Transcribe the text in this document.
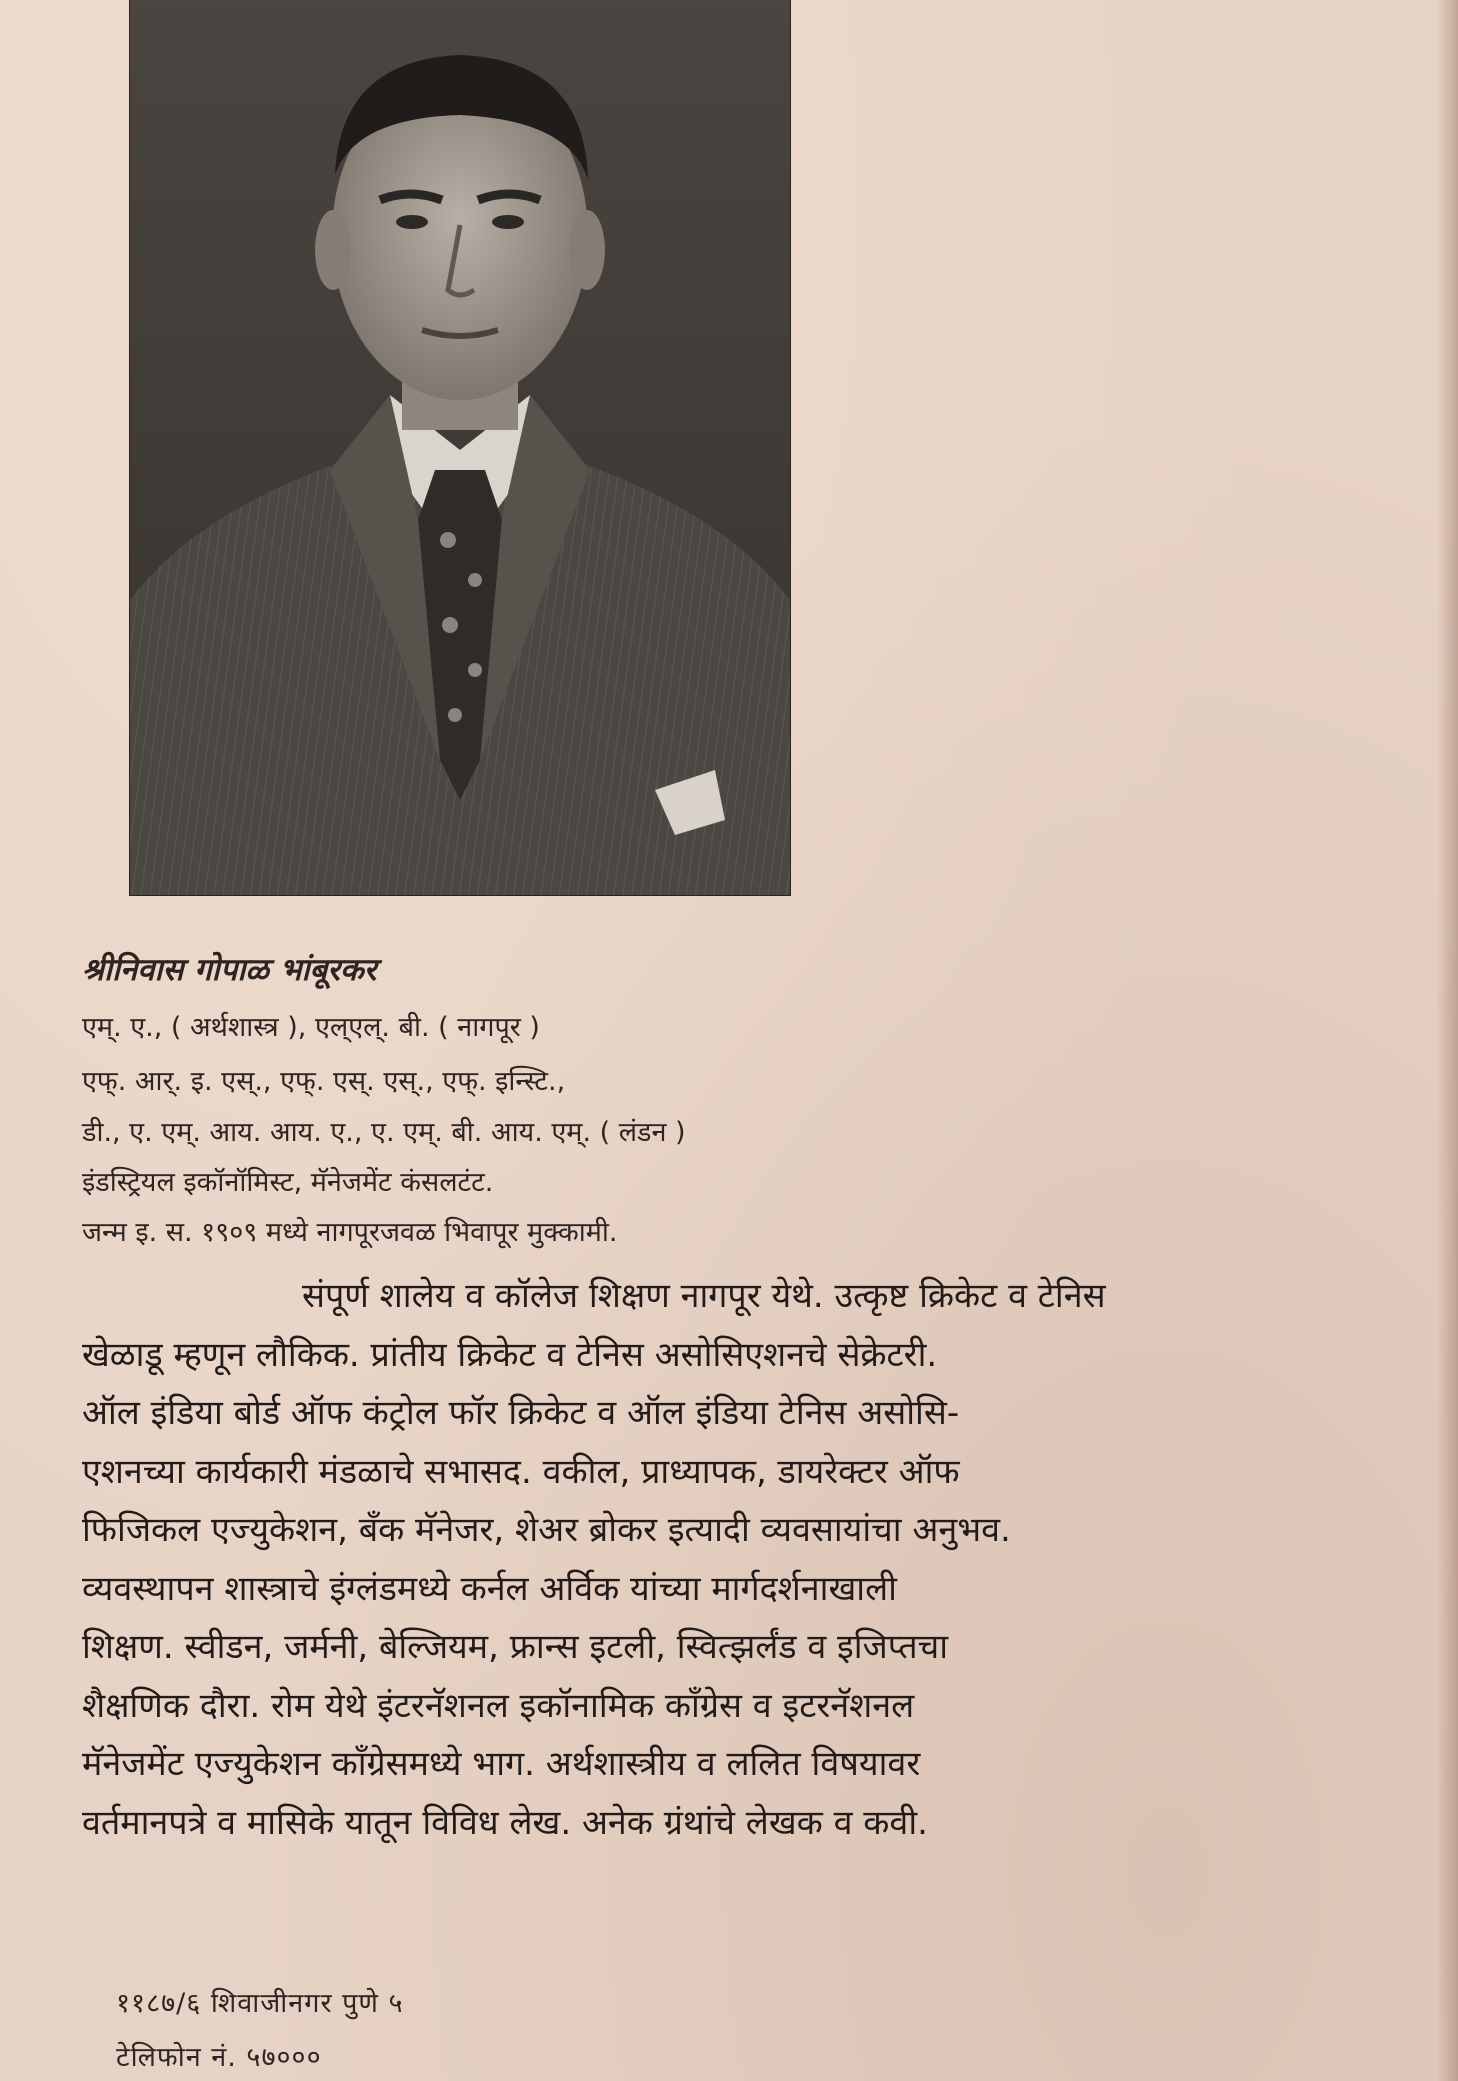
श्रीनिवास गोपाळ भांबूरकर
एम्. ए., ( अर्थशास्त्र ), एल्एल्. बी. ( नागपूर )
एफ्. आर्. इ. एस्., एफ्. एस्. एस्., एफ्. इन्स्टि.,
डी., ए. एम्. आय. आय. ए., ए. एम्. बी. आय. एम्. ( लंडन )
इंडस्ट्रियल इकॉनॉमिस्ट, मॅनेजमेंट कंसलटंट.
जन्म इ. स. १९०९ मध्ये नागपूरजवळ भिवापूर मुक्कामी.
संपूर्ण शालेय व कॉलेज शिक्षण नागपूर येथे. उत्कृष्ट क्रिकेट व टेनिस
खेळाडू म्हणून लौकिक. प्रांतीय क्रिकेट व टेनिस असोसिएशनचे सेक्रेटरी.
ऑल इंडिया बोर्ड ऑफ कंट्रोल फॉर क्रिकेट व ऑल इंडिया टेनिस असोसि-
एशनच्या कार्यकारी मंडळाचे सभासद. वकील, प्राध्यापक, डायरेक्टर ऑफ
फिजिकल एज्युकेशन, बँक मॅनेजर, शेअर ब्रोकर इत्यादी व्यवसायांचा अनुभव.
व्यवस्थापन शास्त्राचे इंग्लंडमध्ये कर्नल अर्विक यांच्या मार्गदर्शनाखाली
शिक्षण. स्वीडन, जर्मनी, बेल्जियम, फ्रान्स इटली, स्वित्झर्लंड व इजिप्तचा
शैक्षणिक दौरा. रोम येथे इंटरनॅशनल इकॉनामिक कॉंग्रेस व इटरनॅशनल
मॅनेजमेंट एज्युकेशन कॉंग्रेसमध्ये भाग. अर्थशास्त्रीय व ललित विषयावर
वर्तमानपत्रे व मासिके यातून विविध लेख. अनेक ग्रंथांचे लेखक व कवी.
११८७/६ शिवाजीनगर पुणे ५
टेलिफोन नं. ५७०००
